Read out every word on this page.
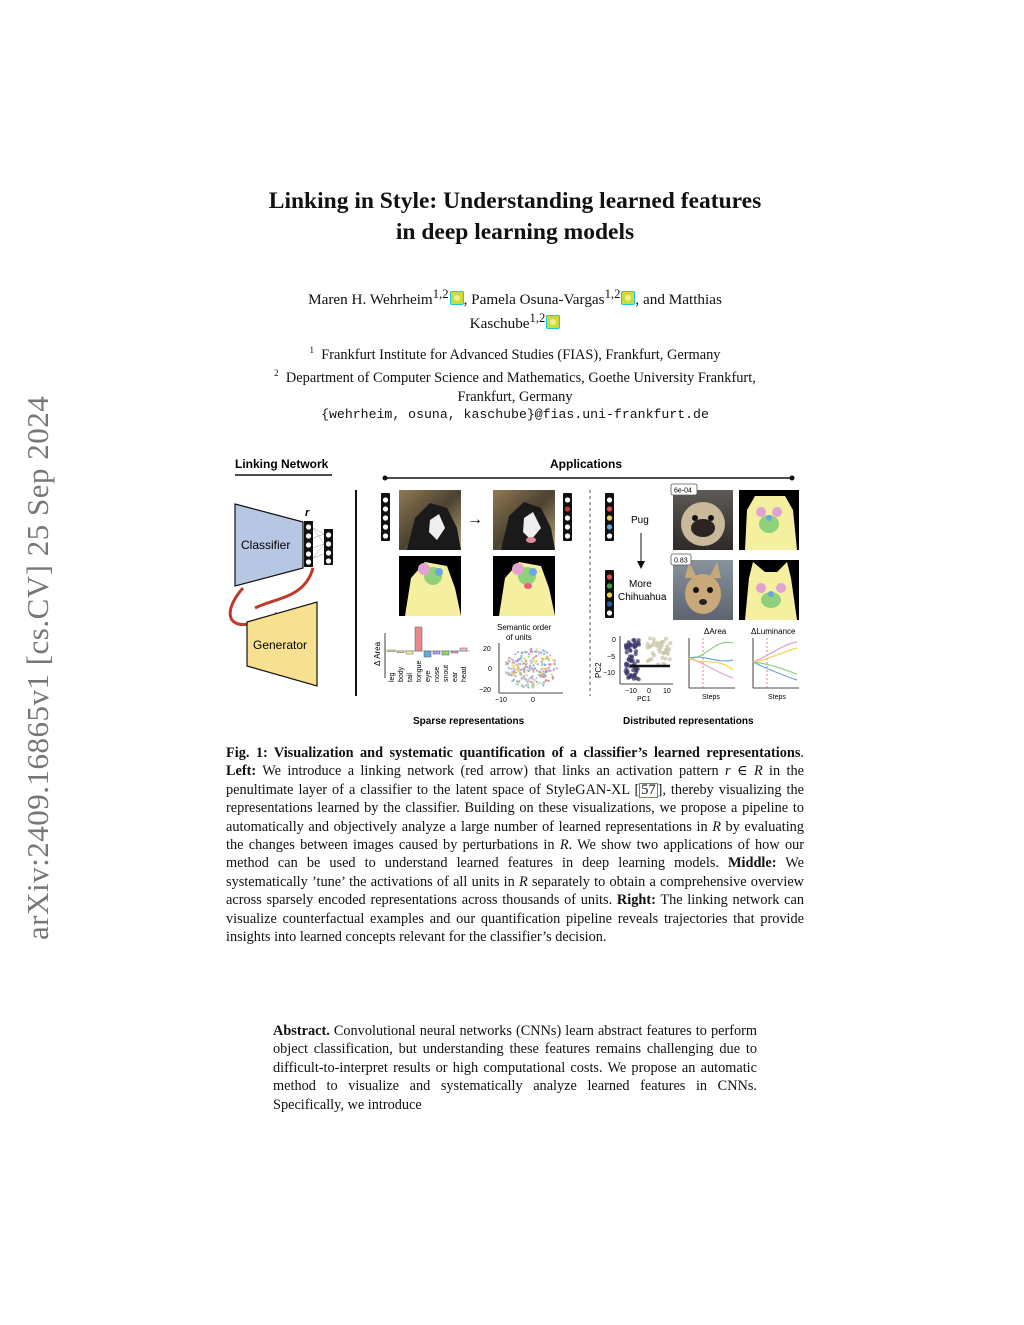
arXiv:2409.16865v1 [cs.CV] 25 Sep 2024
Linking in Style: Understanding learned features
in deep learning models
Maren H. Wehrheim$^{1,2}$ , Pamela Osuna-Vargas$^{1,2}$ , and Matthias
Kaschube$^{1,2}$
$^1$ Frankfurt Institute for Advanced Studies (FIAS), Frankfurt, Germany
$^2$ Department of Computer Science and Mathematics, Goethe University Frankfurt,
Frankfurt, Germany
{wehrheim, osuna, kaschube}@fias.uni-frankfurt.de
Linking Network	Applications
Classifier
r
Generator
→
Δ Area
leg body tail tongue eye nose snout ear head
Semantic order
of units
20
0
−20
−10	0
Pug
More
Chihuahua
6e-04
0.83
PC2
0
−5
−10
−10 0 10
PC1
ΔArea
Steps
ΔLuminance
Steps
Sparse representations	Distributed representations
Fig. 1: Visualization and systematic quantification of a classifier’s learned representations. Left: We introduce a linking network (red arrow) that links an activation pattern r ∈ R in the penultimate layer of a classifier to the latent space of StyleGAN-XL [ 57 ], thereby visualizing the representations learned by the classifier. Building on these visualizations, we propose a pipeline to automatically and objectively analyze a large number of learned representations in R by evaluating the changes between images caused by perturbations in R. We show two applications of how our method can be used to understand learned features in deep learning models. Middle: We systematically ’tune’ the activations of all units in R separately to obtain a comprehensive overview across sparsely encoded representations across thousands of units. Right: The linking network can visualize counterfactual examples and our quantification pipeline reveals trajectories that provide insights into learned concepts relevant for the classifier’s decision.
Abstract. Convolutional neural networks (CNNs) learn abstract features to perform object classification, but understanding these features remains challenging due to difficult-to-interpret results or high computational costs. We propose an automatic method to visualize and systematically analyze learned features in CNNs. Specifically, we introduce
